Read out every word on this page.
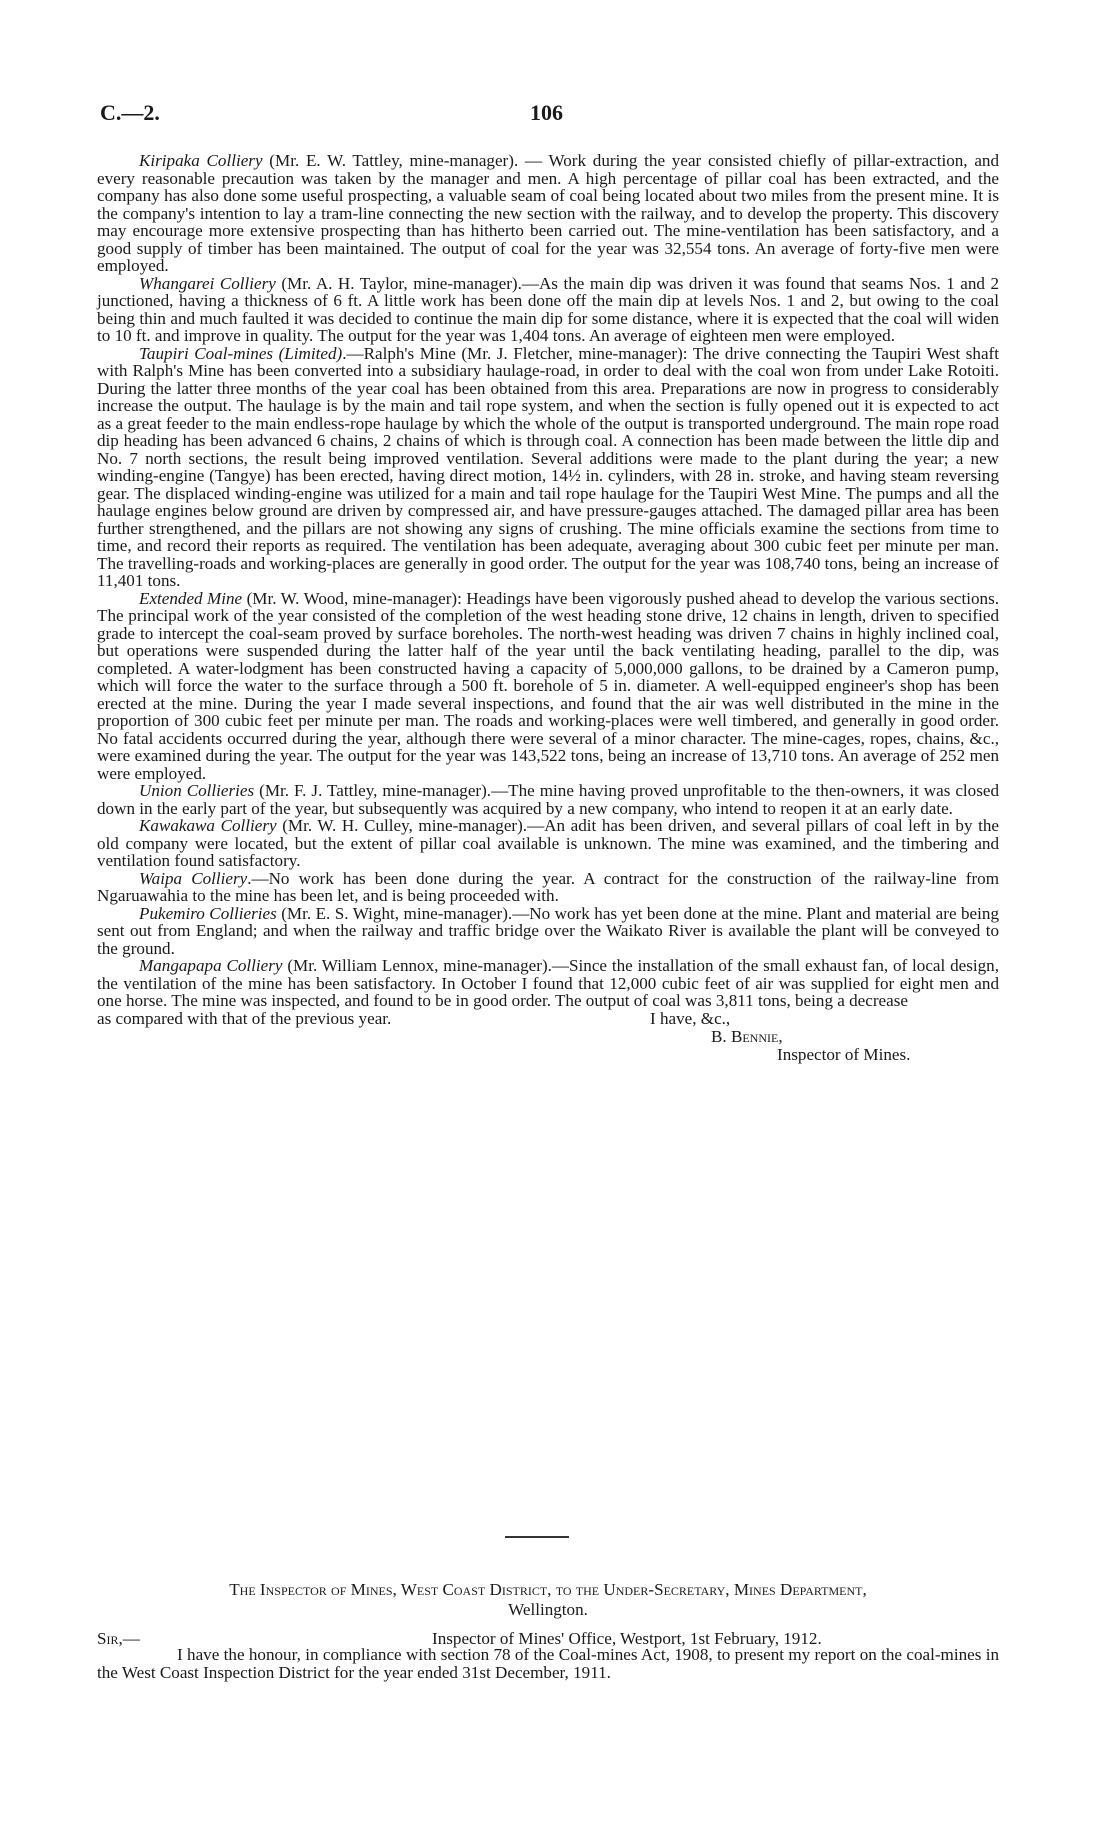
C.—2.	106

Kiripaka Colliery (Mr. E. W. Tattley, mine-manager). — Work during the year consisted chiefly of pillar-extraction, and every reasonable precaution was taken by the manager and men. A high percentage of pillar coal has been extracted, and the company has also done some useful prospecting, a valuable seam of coal being located about two miles from the present mine. It is the company's intention to lay a tram-line connecting the new section with the railway, and to develop the property. This discovery may encourage more extensive prospecting than has hitherto been carried out. The mine-ventilation has been satisfactory, and a good supply of timber has been maintained. The output of coal for the year was 32,554 tons. An average of forty-five men were employed.

Whangarei Colliery (Mr. A. H. Taylor, mine-manager).—As the main dip was driven it was found that seams Nos. 1 and 2 junctioned, having a thickness of 6 ft. A little work has been done off the main dip at levels Nos. 1 and 2, but owing to the coal being thin and much faulted it was decided to continue the main dip for some distance, where it is expected that the coal will widen to 10 ft. and improve in quality. The output for the year was 1,404 tons. An average of eighteen men were employed.

Taupiri Coal-mines (Limited).—Ralph's Mine (Mr. J. Fletcher, mine-manager): The drive connecting the Taupiri West shaft with Ralph's Mine has been converted into a subsidiary haulage-road, in order to deal with the coal won from under Lake Rotoiti. During the latter three months of the year coal has been obtained from this area. Preparations are now in progress to considerably increase the output. The haulage is by the main and tail rope system, and when the section is fully opened out it is expected to act as a great feeder to the main endless-rope haulage by which the whole of the output is transported underground. The main rope road dip heading has been advanced 6 chains, 2 chains of which is through coal. A connection has been made between the little dip and No. 7 north sections, the result being improved ventilation. Several additions were made to the plant during the year; a new winding-engine (Tangye) has been erected, having direct motion, 14½ in. cylinders, with 28 in. stroke, and having steam reversing gear. The displaced winding-engine was utilized for a main and tail rope haulage for the Taupiri West Mine. The pumps and all the haulage engines below ground are driven by compressed air, and have pressure-gauges attached. The damaged pillar area has been further strengthened, and the pillars are not showing any signs of crushing. The mine officials examine the sections from time to time, and record their reports as required. The ventilation has been adequate, averaging about 300 cubic feet per minute per man. The travelling-roads and working-places are generally in good order. The output for the year was 108,740 tons, being an increase of 11,401 tons.

Extended Mine (Mr. W. Wood, mine-manager): Headings have been vigorously pushed ahead to develop the various sections. The principal work of the year consisted of the completion of the west heading stone drive, 12 chains in length, driven to specified grade to intercept the coal-seam proved by surface boreholes. The north-west heading was driven 7 chains in highly inclined coal, but operations were suspended during the latter half of the year until the back ventilating heading, parallel to the dip, was completed. A water-lodgment has been constructed having a capacity of 5,000,000 gallons, to be drained by a Cameron pump, which will force the water to the surface through a 500 ft. borehole of 5 in. diameter. A well-equipped engineer's shop has been erected at the mine. During the year I made several inspections, and found that the air was well distributed in the mine in the proportion of 300 cubic feet per minute per man. The roads and working-places were well timbered, and generally in good order. No fatal accidents occurred during the year, although there were several of a minor character. The mine-cages, ropes, chains, &c., were examined during the year. The output for the year was 143,522 tons, being an increase of 13,710 tons. An average of 252 men were employed.

Union Collieries (Mr. F. J. Tattley, mine-manager).—The mine having proved unprofitable to the then-owners, it was closed down in the early part of the year, but subsequently was acquired by a new company, who intend to reopen it at an early date.

Kawakawa Colliery (Mr. W. H. Culley, mine-manager).—An adit has been driven, and several pillars of coal left in by the old company were located, but the extent of pillar coal available is unknown. The mine was examined, and the timbering and ventilation found satisfactory.

Waipa Colliery.—No work has been done during the year. A contract for the construction of the railway-line from Ngaruawahia to the mine has been let, and is being proceeded with.

Pukemiro Collieries (Mr. E. S. Wight, mine-manager).—No work has yet been done at the mine. Plant and material are being sent out from England; and when the railway and traffic bridge over the Waikato River is available the plant will be conveyed to the ground.

Mangapapa Colliery (Mr. William Lennox, mine-manager).—Since the installation of the small exhaust fan, of local design, the ventilation of the mine has been satisfactory. In October I found that 12,000 cubic feet of air was supplied for eight men and one horse. The mine was inspected, and found to be in good order. The output of coal was 3,811 tons, being a decrease

as compared with that of the previous year.	I have, &c.,
B. Bennie,
Inspector of Mines.
The Inspector of Mines, West Coast District, to the Under-Secretary, Mines Department,
Wellington.
Sir,—	Inspector of Mines' Office, Westport, 1st February, 1912.

I have the honour, in compliance with section 78 of the Coal-mines Act, 1908, to present my report on the coal-mines in the West Coast Inspection District for the year ended 31st December, 1911.
